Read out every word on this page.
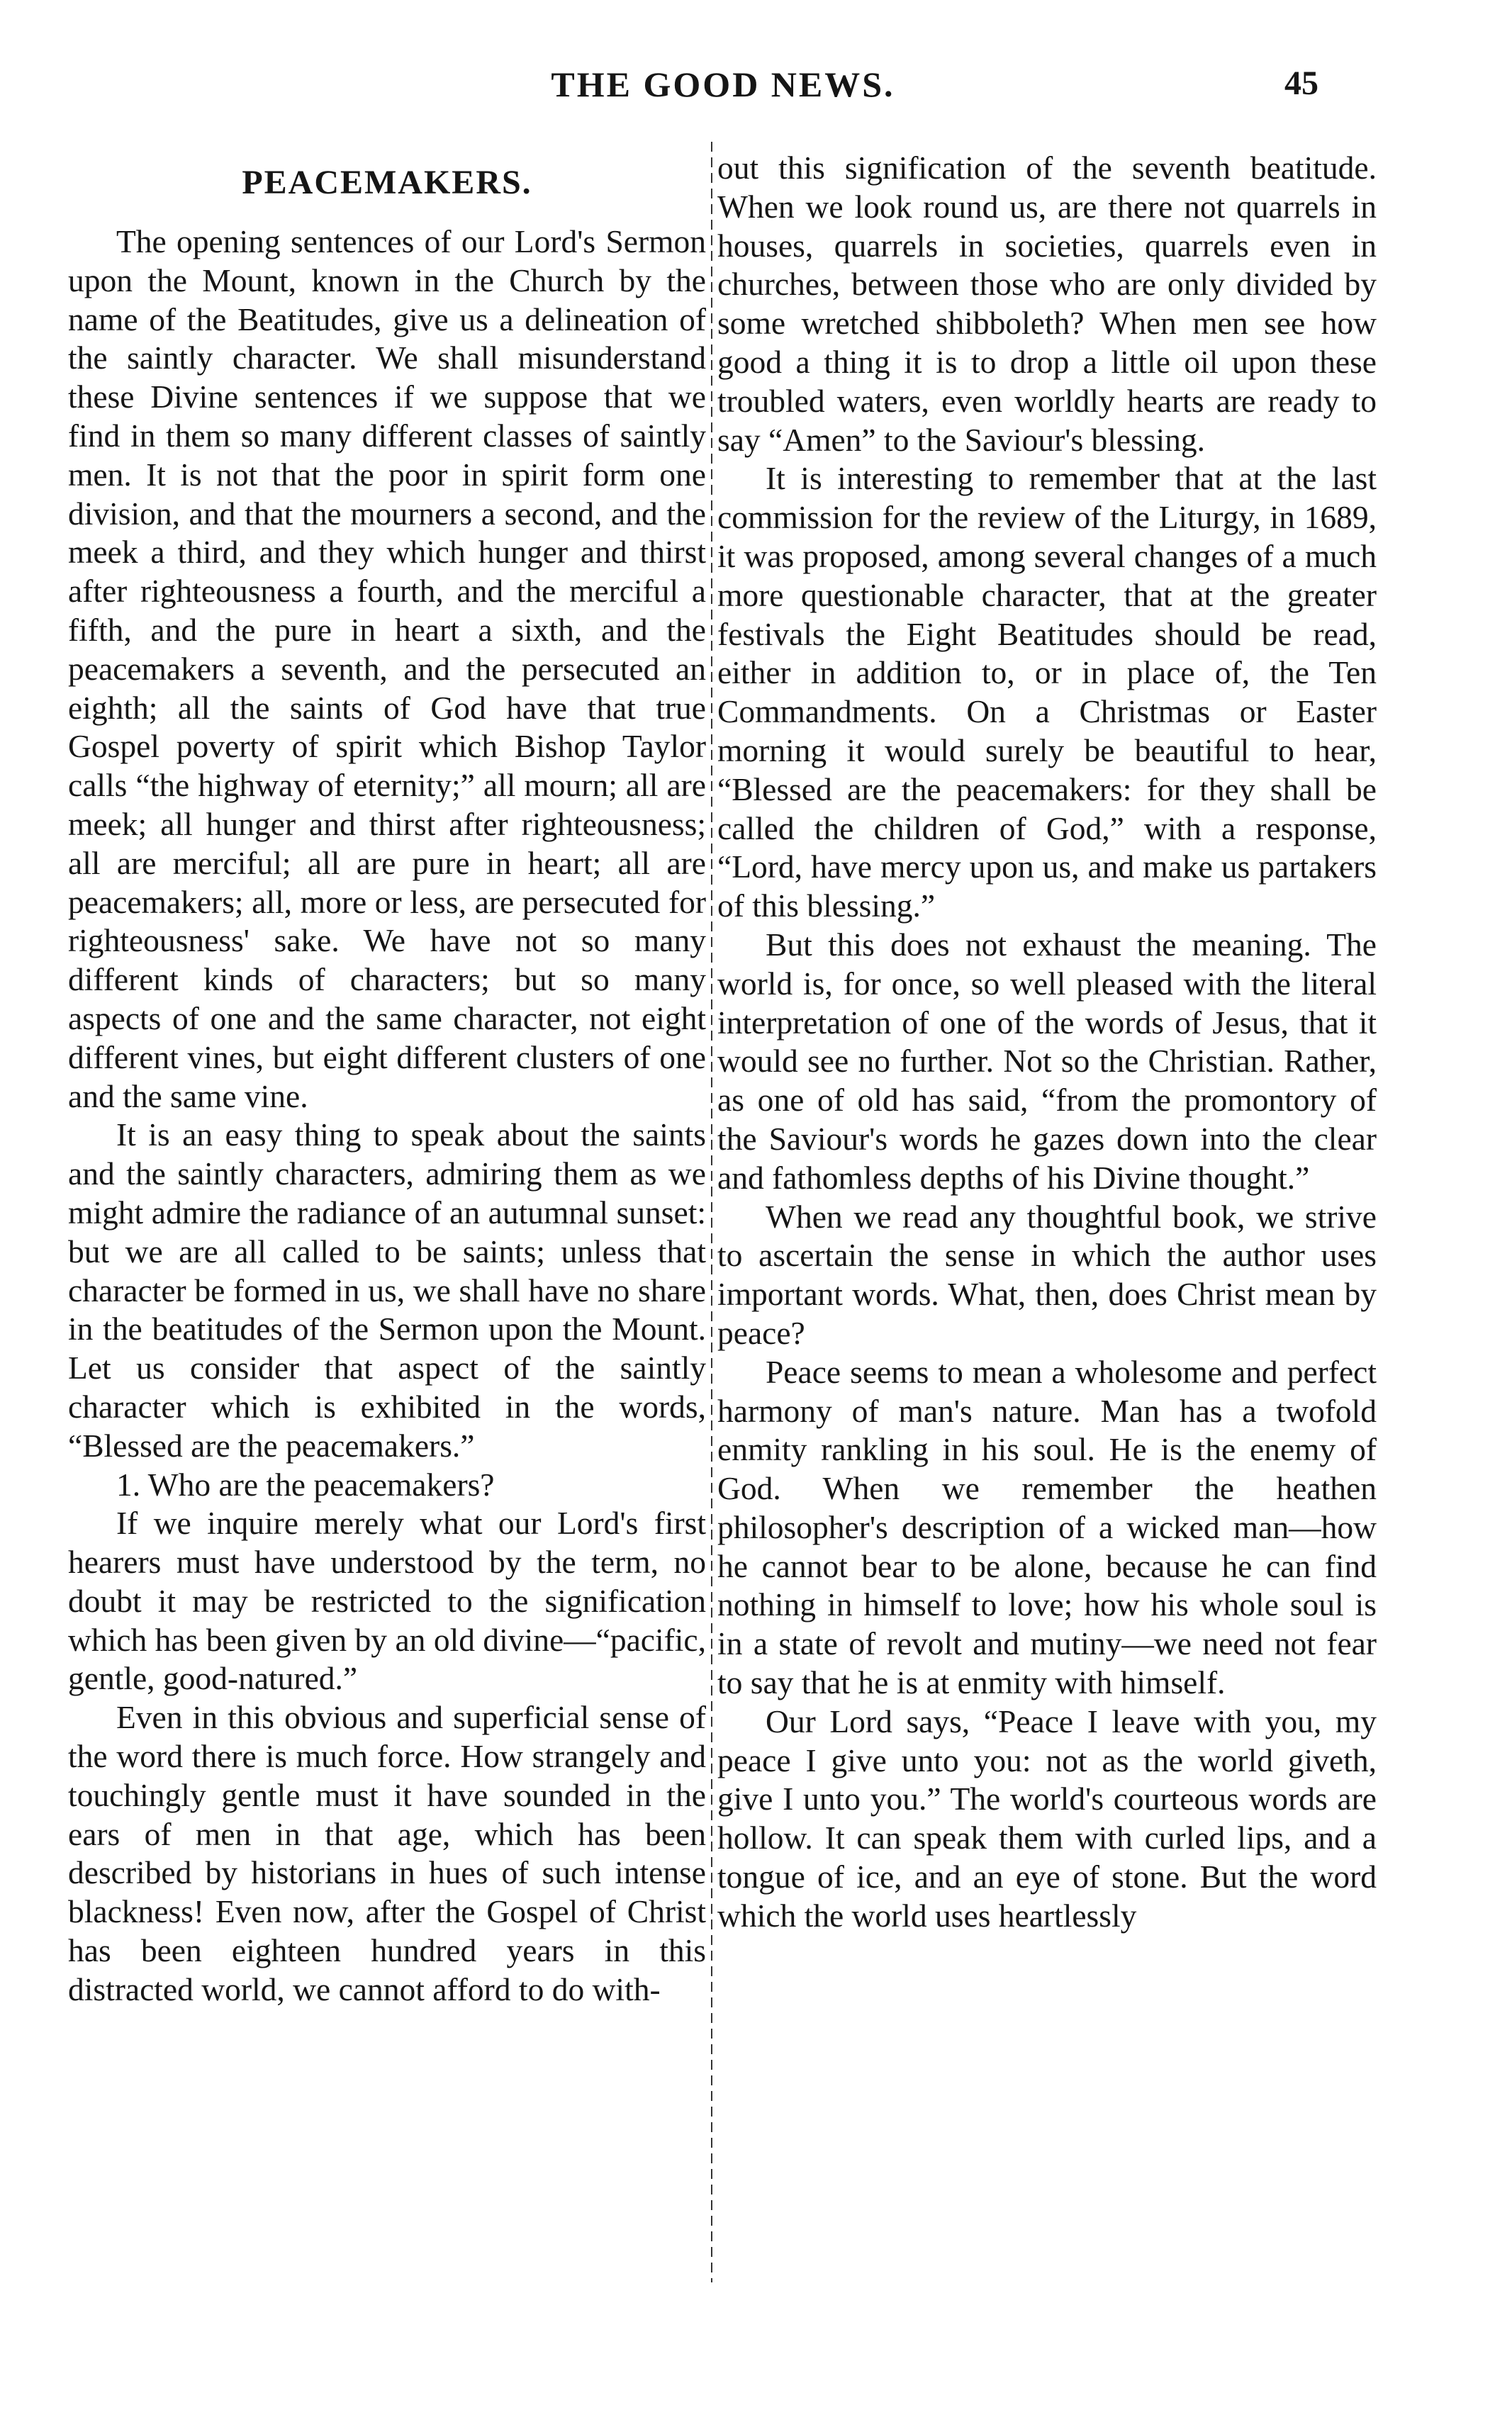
THE GOOD NEWS.	45
PEACEMAKERS.

The opening sentences of our Lord's Sermon upon the Mount, known in the Church by the name of the Beatitudes, give us a delineation of the saintly character. We shall misunderstand these Divine sentences if we suppose that we find in them so many different classes of saintly men. It is not that the poor in spirit form one division, and that the mourners a second, and the meek a third, and they which hunger and thirst after righteousness a fourth, and the merciful a fifth, and the pure in heart a sixth, and the peacemakers a seventh, and the persecuted an eighth; all the saints of God have that true Gospel poverty of spirit which Bishop Taylor calls “the highway of eternity;” all mourn; all are meek; all hunger and thirst after righteousness; all are merciful; all are pure in heart; all are peacemakers; all, more or less, are persecuted for righteousness' sake. We have not so many different kinds of characters; but so many aspects of one and the same character, not eight different vines, but eight different clusters of one and the same vine.

It is an easy thing to speak about the saints and the saintly characters, admiring them as we might admire the radiance of an autumnal sunset: but we are all called to be saints; unless that character be formed in us, we shall have no share in the beatitudes of the Sermon upon the Mount. Let us consider that aspect of the saintly character which is exhibited in the words, “Blessed are the peacemakers.”

1. Who are the peacemakers?

If we inquire merely what our Lord's first hearers must have understood by the term, no doubt it may be restricted to the signification which has been given by an old divine—“pacific, gentle, good-natured.”

Even in this obvious and superficial sense of the word there is much force. How strangely and touchingly gentle must it have sounded in the ears of men in that age, which has been described by historians in hues of such intense blackness! Even now, after the Gospel of Christ has been eighteen hundred years in this distracted world, we cannot afford to do with-

out this signification of the seventh beatitude. When we look round us, are there not quarrels in houses, quarrels in societies, quarrels even in churches, between those who are only divided by some wretched shibboleth? When men see how good a thing it is to drop a little oil upon these troubled waters, even worldly hearts are ready to say “Amen” to the Saviour's blessing.

It is interesting to remember that at the last commission for the review of the Liturgy, in 1689, it was proposed, among several changes of a much more questionable character, that at the greater festivals the Eight Beatitudes should be read, either in addition to, or in place of, the Ten Commandments. On a Christmas or Easter morning it would surely be beautiful to hear, “Blessed are the peacemakers: for they shall be called the children of God,” with a response, “Lord, have mercy upon us, and make us partakers of this blessing.”

But this does not exhaust the meaning. The world is, for once, so well pleased with the literal interpretation of one of the words of Jesus, that it would see no further. Not so the Christian. Rather, as one of old has said, “from the promontory of the Saviour's words he gazes down into the clear and fathomless depths of his Divine thought.”

When we read any thoughtful book, we strive to ascertain the sense in which the author uses important words. What, then, does Christ mean by peace?

Peace seems to mean a wholesome and perfect harmony of man's nature. Man has a twofold enmity rankling in his soul. He is the enemy of God. When we remember the heathen philosopher's description of a wicked man—how he cannot bear to be alone, because he can find nothing in himself to love; how his whole soul is in a state of revolt and mutiny—we need not fear to say that he is at enmity with himself.

Our Lord says, “Peace I leave with you, my peace I give unto you: not as the world giveth, give I unto you.” The world's courteous words are hollow. It can speak them with curled lips, and a tongue of ice, and an eye of stone. But the word which the world uses heartlessly
